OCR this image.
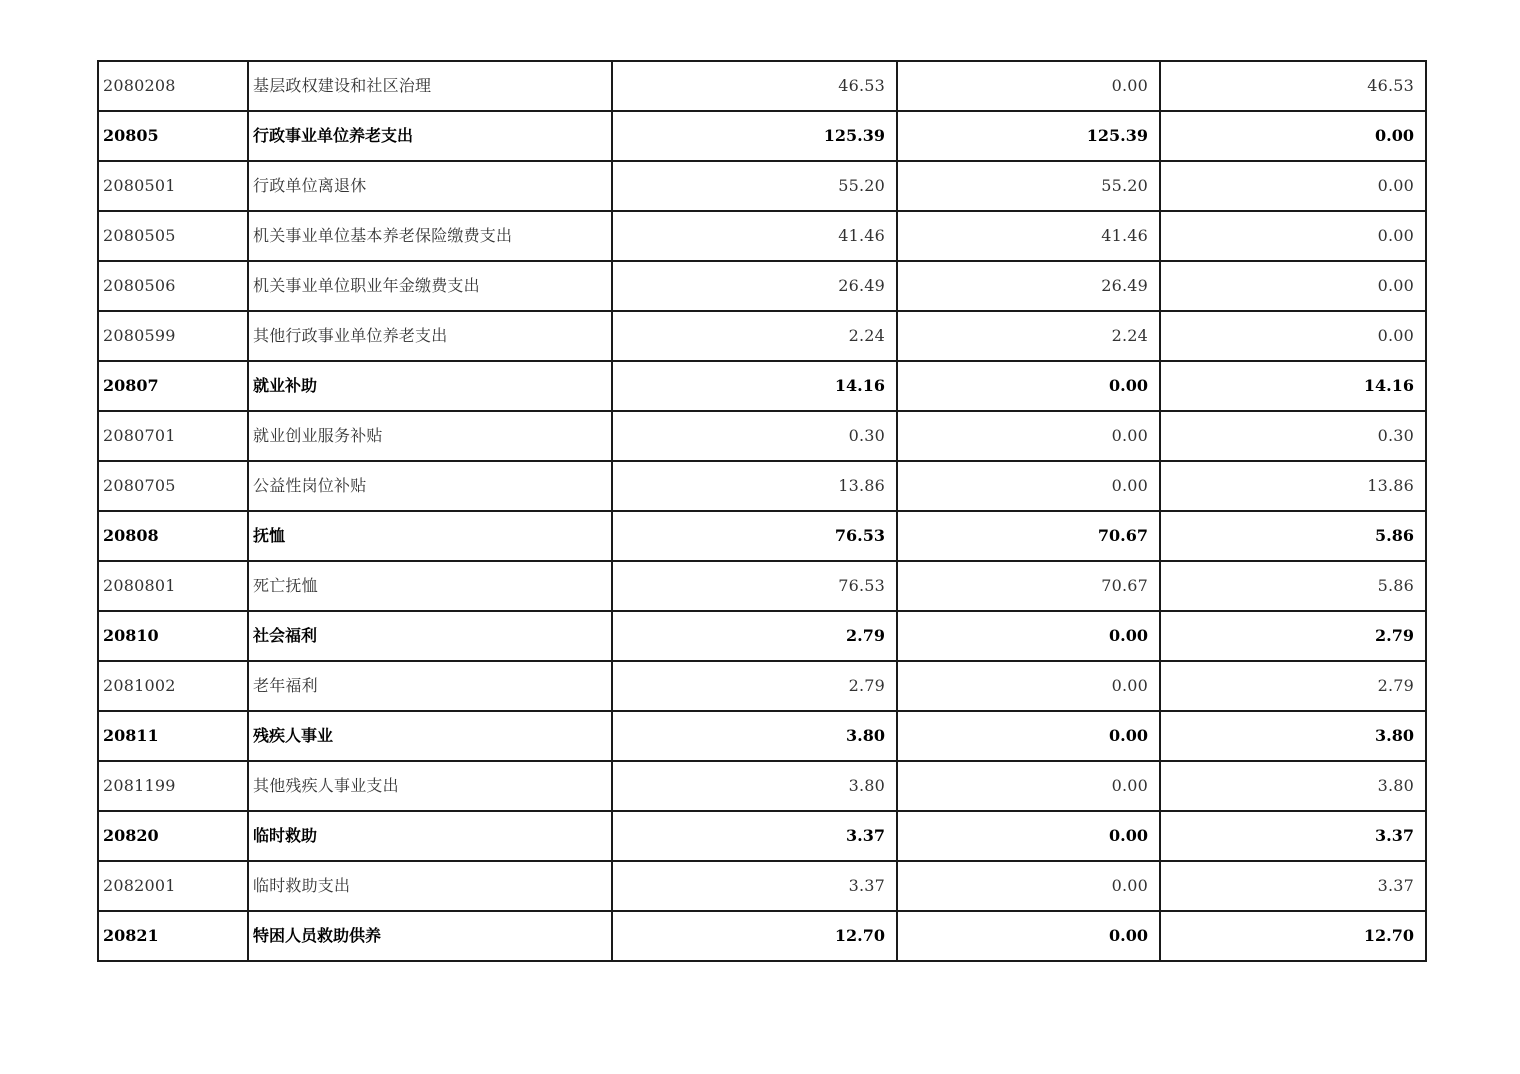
2080208	基层政权建设和社区治理	46.53	0.00	46.53
20805	行政事业单位养老支出	125.39	125.39	0.00
2080501	行政单位离退休	55.20	55.20	0.00
2080505	机关事业单位基本养老保险缴费支出	41.46	41.46	0.00
2080506	机关事业单位职业年金缴费支出	26.49	26.49	0.00
2080599	其他行政事业单位养老支出	2.24	2.24	0.00
20807	就业补助	14.16	0.00	14.16
2080701	就业创业服务补贴	0.30	0.00	0.30
2080705	公益性岗位补贴	13.86	0.00	13.86
20808	抚恤	76.53	70.67	5.86
2080801	死亡抚恤	76.53	70.67	5.86
20810	社会福利	2.79	0.00	2.79
2081002	老年福利	2.79	0.00	2.79
20811	残疾人事业	3.80	0.00	3.80
2081199	其他残疾人事业支出	3.80	0.00	3.80
20820	临时救助	3.37	0.00	3.37
2082001	临时救助支出	3.37	0.00	3.37
20821	特困人员救助供养	12.70	0.00	12.70
